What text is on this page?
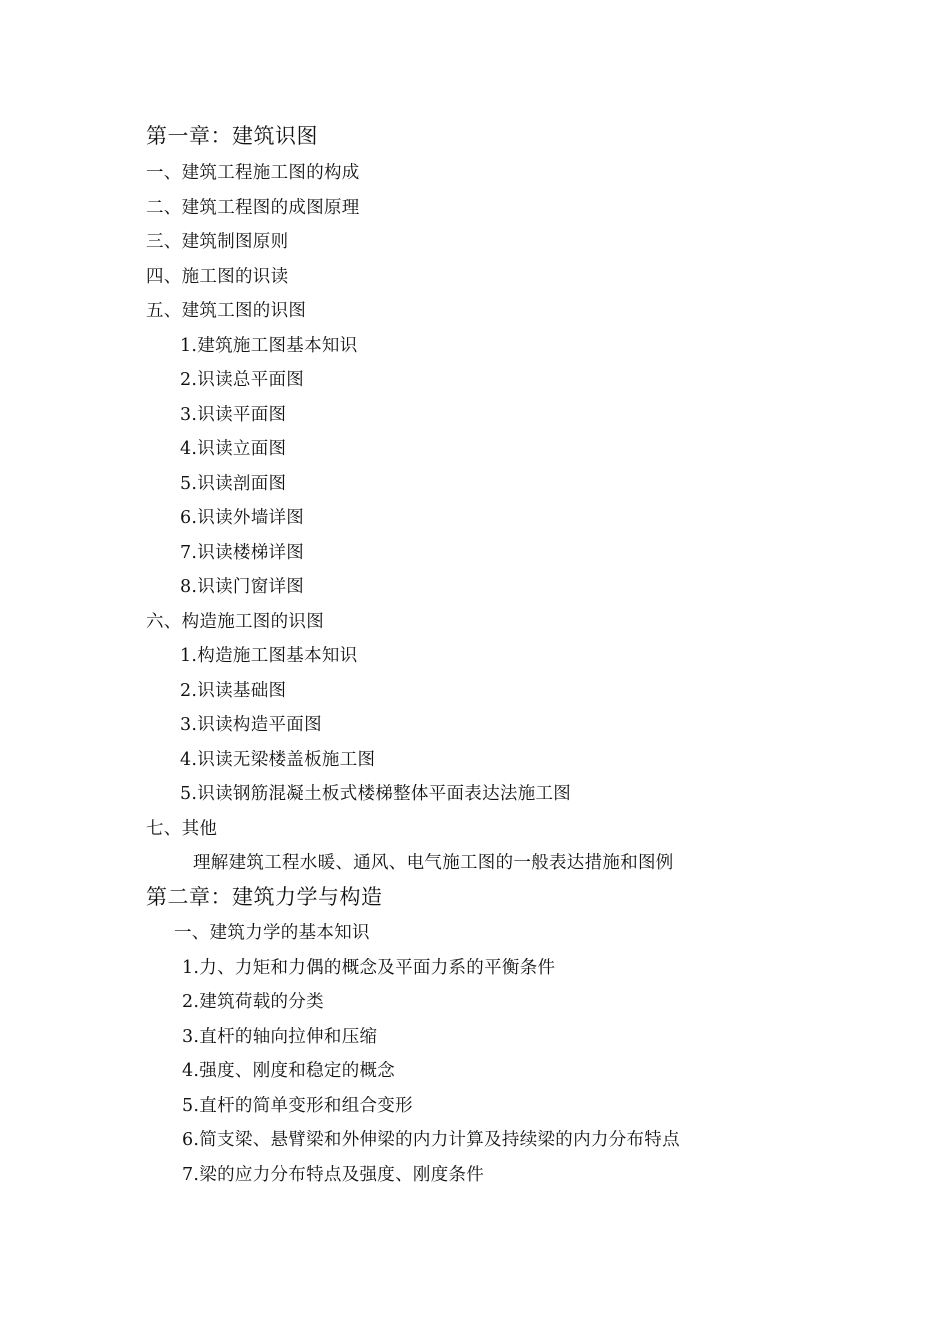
第一章：建筑识图
一、建筑工程施工图的构成
二、建筑工程图的成图原理
三、建筑制图原则
四、施工图的识读
五、建筑工图的识图
1.建筑施工图基本知识
2.识读总平面图
3.识读平面图
4.识读立面图
5.识读剖面图
6.识读外墙详图
7.识读楼梯详图
8.识读门窗详图
六、构造施工图的识图
1.构造施工图基本知识
2.识读基础图
3.识读构造平面图
4.识读无梁楼盖板施工图
5.识读钢筋混凝土板式楼梯整体平面表达法施工图
七、其他
理解建筑工程水暖、通风、电气施工图的一般表达措施和图例
第二章：建筑力学与构造
一、建筑力学的基本知识
1.力、力矩和力偶的概念及平面力系的平衡条件
2.建筑荷载的分类
3.直杆的轴向拉伸和压缩
4.强度、刚度和稳定的概念
5.直杆的简单变形和组合变形
6.简支梁、悬臂梁和外伸梁的内力计算及持续梁的内力分布特点
7.梁的应力分布特点及强度、刚度条件
